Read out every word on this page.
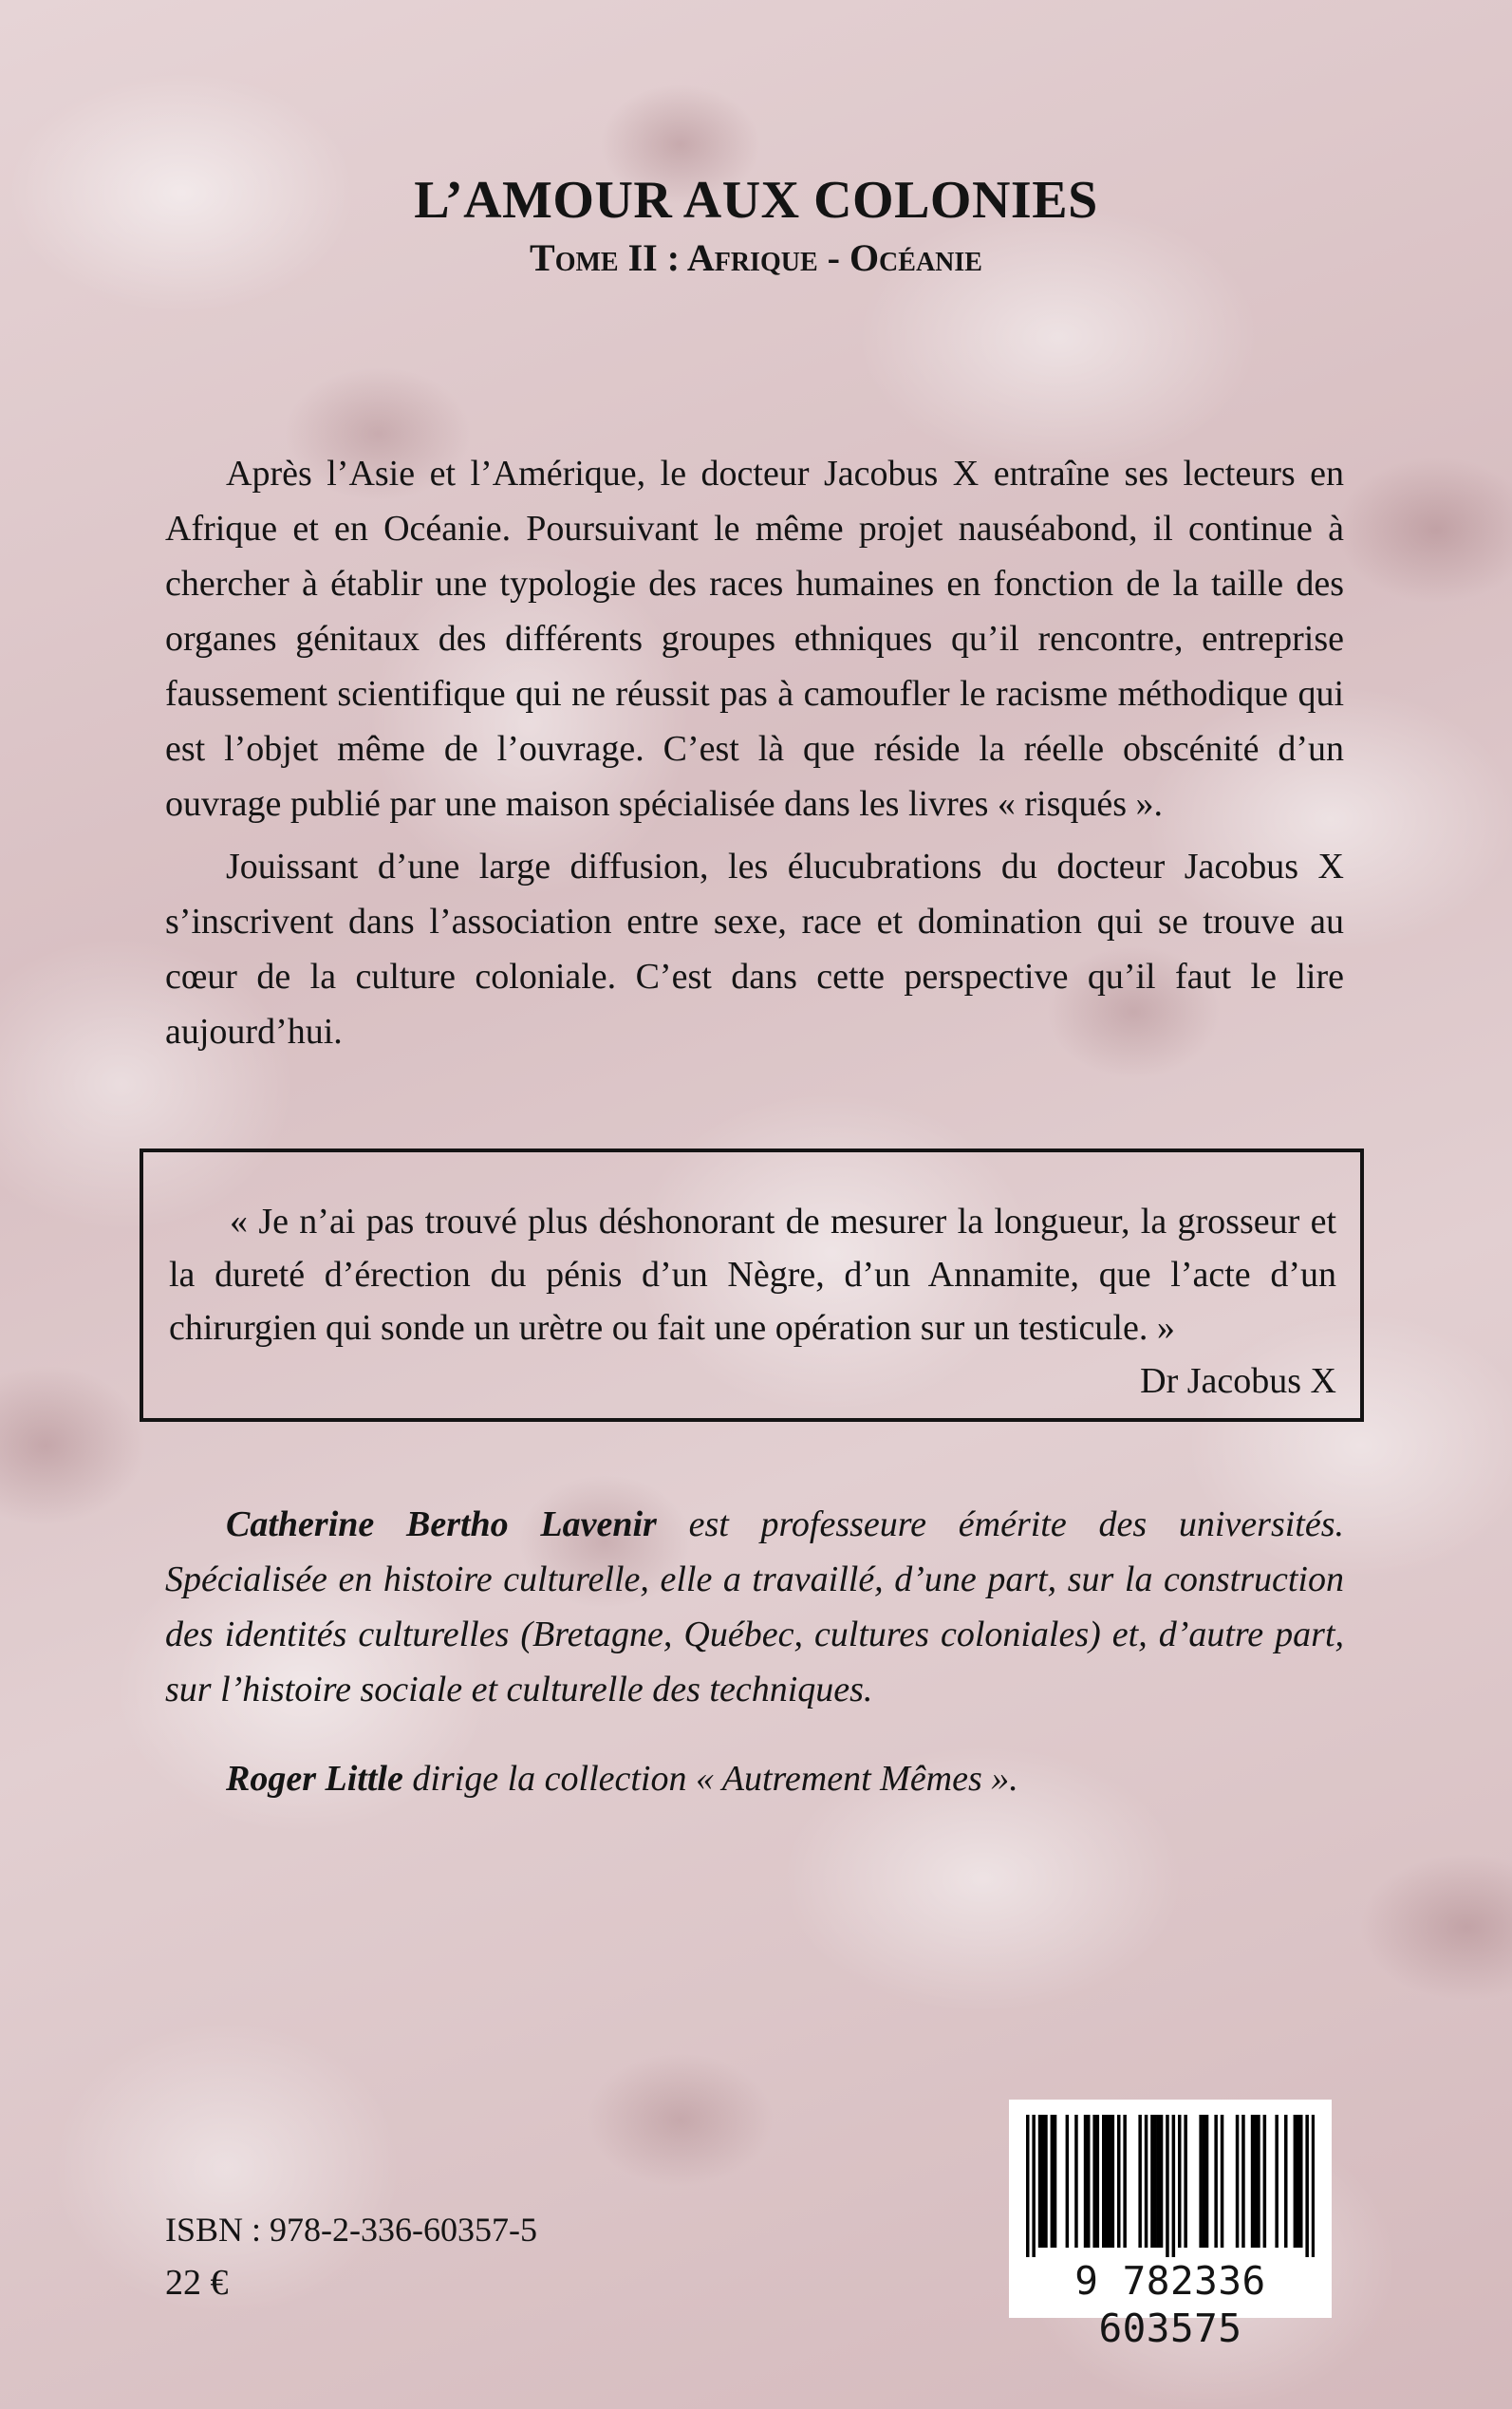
L’AMOUR AUX COLONIES
Tome II : Afrique - Océanie

Après l’Asie et l’Amérique, le docteur Jacobus X entraîne ses lecteurs en Afrique et en Océanie. Poursuivant le même projet nauséabond, il continue à chercher à établir une typologie des races humaines en fonction de la taille des organes génitaux des différents groupes ethniques qu’il rencontre, entreprise faussement scientifique qui ne réussit pas à camoufler le racisme méthodique qui est l’objet même de l’ouvrage. C’est là que réside la réelle obscénité d’un ouvrage publié par une maison spécialisée dans les livres « risqués ».

Jouissant d’une large diffusion, les élucubrations du docteur Jacobus X s’inscrivent dans l’association entre sexe, race et domination qui se trouve au cœur de la culture coloniale. C’est dans cette perspective qu’il faut le lire aujourd’hui.

« Je n’ai pas trouvé plus déshonorant de mesurer la longueur, la grosseur et la dureté d’érection du pénis d’un Nègre, d’un Annamite, que l’acte d’un chirurgien qui sonde un urètre ou fait une opération sur un testicule. »
Dr Jacobus X

Catherine Bertho Lavenir est professeure émérite des universités. Spécialisée en histoire culturelle, elle a travaillé, d’une part, sur la construction des identités culturelles (Bretagne, Québec, cultures coloniales) et, d’autre part, sur l’histoire sociale et culturelle des techniques.

Roger Little dirige la collection « Autrement Mêmes ».

ISBN : 978-2-336-60357-5
22 €	9 782336 603575
